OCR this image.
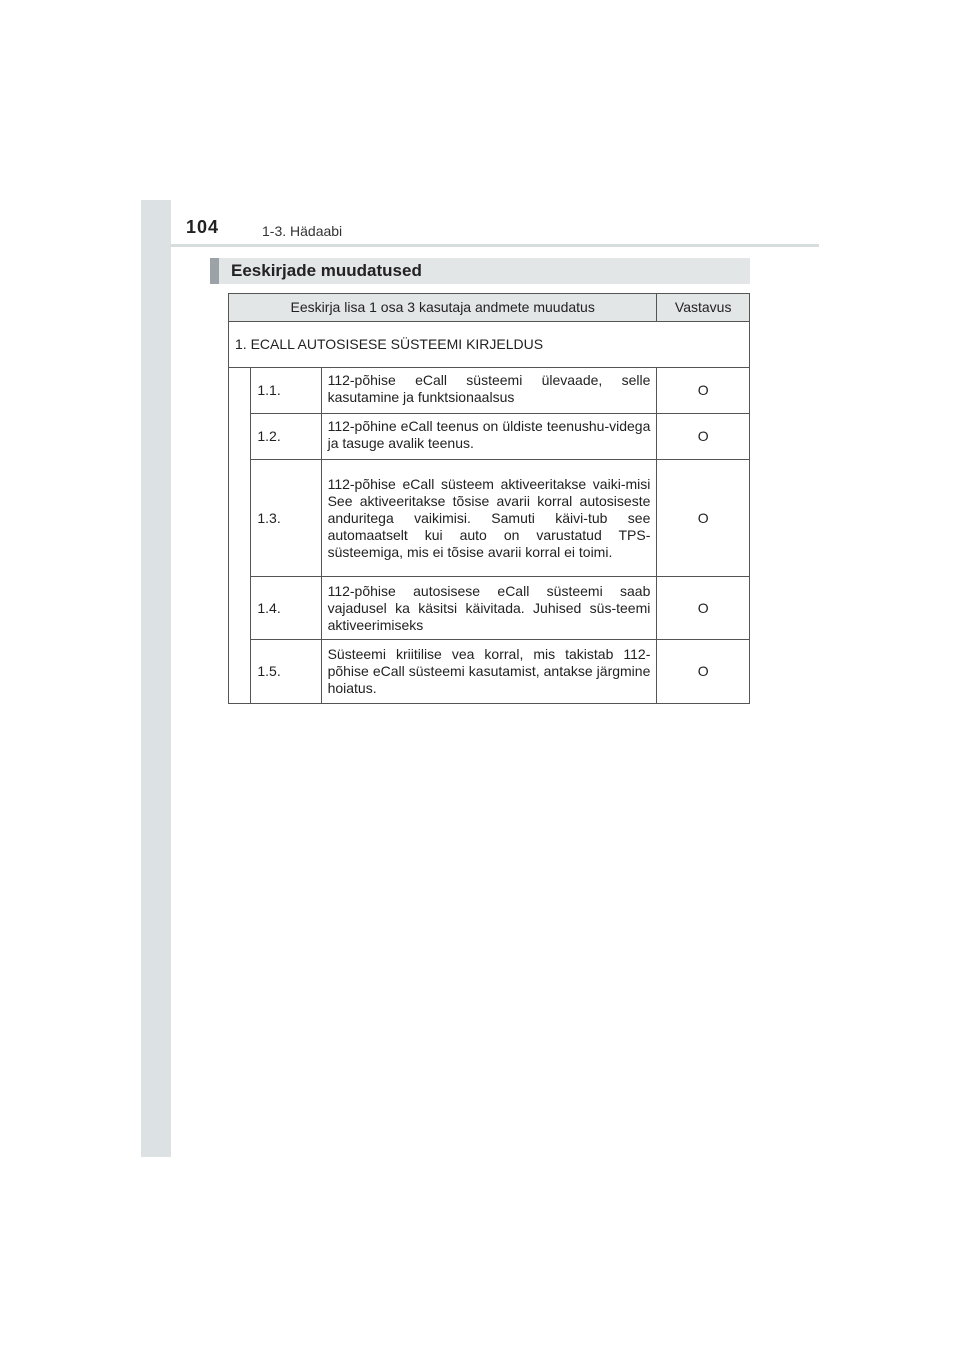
104	1-3. Hädaabi
Eeskirjade muudatused
Eeskirja lisa 1 osa 3 kasutaja andmete muudatus			Vastavus
1. ECALL AUTOSISESE SÜSTEEMI KIRJELDUS			
	1.1.	112-põhise eCall süsteemi ülevaade, selle kasutamine ja funktsionaalsus	O
	1.2.	112-põhine eCall teenus on üldiste teenushu-videga ja tasuge avalik teenus.	O
	1.3.	112-põhise eCall süsteem aktiveeritakse vaiki-misi See aktiveeritakse tõsise avarii korral autosiseste anduritega vaikimisi. Samuti käivi-tub see automaatselt kui auto on varustatud TPS-süsteemiga, mis ei tõsise avarii korral ei toimi.	O
	1.4.	112-põhise autosisese eCall süsteemi saab vajadusel ka käsitsi käivitada. Juhised süs-teemi aktiveerimiseks	O
	1.5.	Süsteemi kriitilise vea korral, mis takistab 112-põhise eCall süsteemi kasutamist, antakse järgmine hoiatus.	O
